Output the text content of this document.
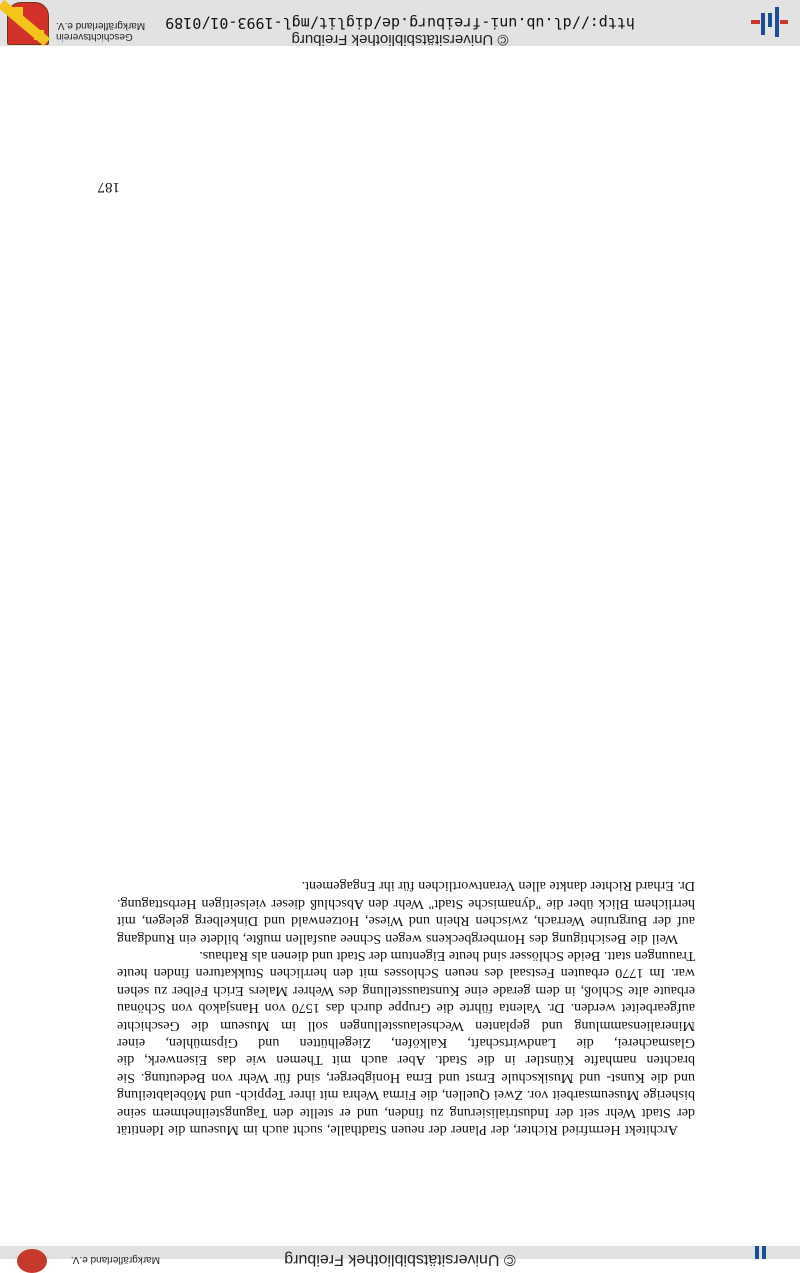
© Universitätsbibliothek Freiburg
Markgräflerland e.V.

Architekt Hermfried Richter, der Planer der neuen Stadthalle, sucht auch im Museum die Identität der Stadt Wehr seit der Industrialisierung zu finden, und er stellte den Tagungsteilnehmern seine bisherige Museumsarbeit vor. Zwei Quellen, die Firma Wehra mit ihrer Teppich- und Möbelabteilung und die Kunst- und Musikschule Ernst und Erna Honigberger, sind für Wehr von Bedeutung. Sie brachten namhafte Künstler in die Stadt. Aber auch mit Themen wie das Eisenwerk, die Glasmacherei, die Landwirtschaft, Kalköfen, Ziegelhütten und Gipsmühlen, einer Mineraliensammlung und geplanten Wechselausstellungen soll im Museum die Geschichte aufgearbeitet werden. Dr. Valenta führte die Gruppe durch das 1570 von Hansjakob von Schönau erbaute alte Schloß, in dem gerade eine Kunstausstellung des Wehrer Malers Erich Felber zu sehen war. Im 1770 erbauten Festsaal des neuen Schlosses mit den herrlichen Stukkaturen finden heute Trauungen statt. Beide Schlösser sind heute Eigentum der Stadt und dienen als Rathaus.

Weil die Besichtigung des Hornbergbeckens wegen Schnee ausfallen mußte, bildete ein Rundgang auf der Burgruine Werrach, zwischen Rhein und Wiese, Hotzenwald und Dinkelberg gelegen, mit herrlichem Blick über die "dynamische Stadt" Wehr den Abschluß dieser vielseitigen Herbsttagung. Dr. Erhard Richter dankte allen Verantwortlichen für ihr Engagement.

187
© Universitätsbibliothek Freiburg
http://dl.ub.uni-freiburg.de/diglit/mgl-1993-01/0189
Geschichtsverein
Markgräflerland e.V.
